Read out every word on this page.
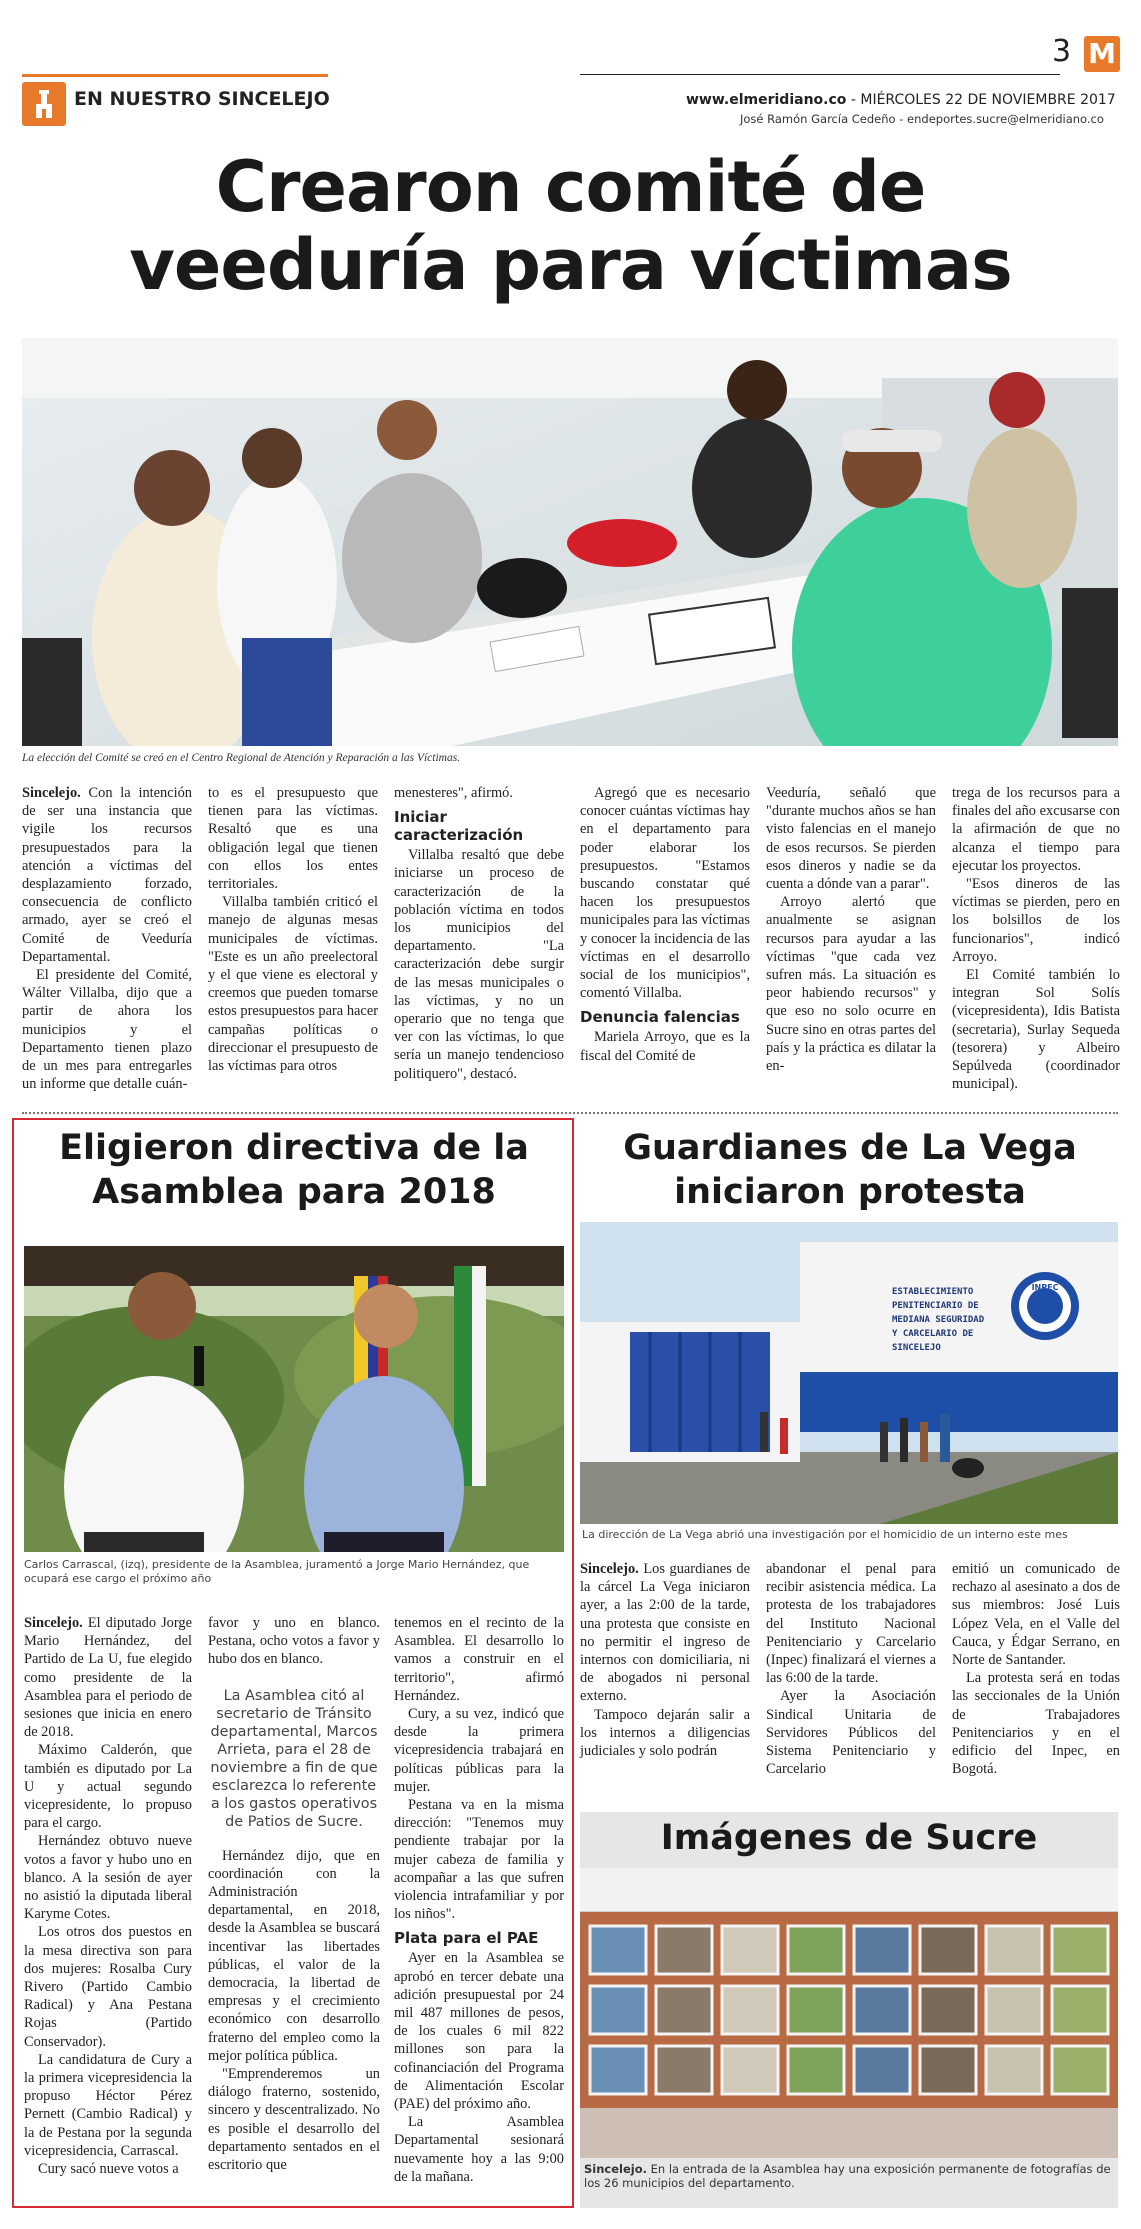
EN NUESTRO SINCELEJO
3 M
www.elmeridiano.co - MIÉRCOLES 22 DE NOVIEMBRE 2017
José Ramón García Cedeño - endeportes.sucre@elmeridiano.co
Crearon comité de
veeduría para víctimas
La elección del Comité se creó en el Centro Regional de Atención y Reparación a las Víctimas.

Sincelejo. Con la intención de ser una instancia que vigile los recursos presupuestados para la atención a víctimas del desplazamiento forzado, consecuencia de conflicto armado, ayer se creó el Comité de Veeduría Departamental.

El presidente del Comité, Wálter Villalba, dijo que a partir de ahora los municipios y el Departamento tienen plazo de un mes para entregarles un informe que detalle cuán-

to es el presupuesto que tienen para las víctimas. Resaltó que es una obligación legal que tienen con ellos los entes territoriales.

Villalba también criticó el manejo de algunas mesas municipales de víctimas. "Este es un año preelectoral y el que viene es electoral y creemos que pueden tomarse estos presupuestos para hacer campañas políticas o direccionar el presupuesto de las víctimas para otros

menesteres", afirmó.

Iniciar caracterización

Villalba resaltó que debe iniciarse un proceso de caracterización de la población víctima en todos los municipios del departamento. "La caracterización debe surgir de las mesas municipales o las víctimas, y no un operario que no tenga que ver con las víctimas, lo que sería un manejo tendencioso politiquero", destacó.

Agregó que es necesario conocer cuántas víctimas hay en el departamento para poder elaborar los presupuestos. "Estamos buscando constatar qué hacen los presupuestos municipales para las víctimas y conocer la incidencia de las víctimas en el desarrollo social de los municipios", comentó Villalba.

Denuncia falencias

Mariela Arroyo, que es la fiscal del Comité de

Veeduría, señaló que "durante muchos años se han visto falencias en el manejo de esos recursos. Se pierden esos dineros y nadie se da cuenta a dónde van a parar".

Arroyo alertó que anualmente se asignan recursos para ayudar a las víctimas "que cada vez sufren más. La situación es peor habiendo recursos" y que eso no solo ocurre en Sucre sino en otras partes del país y la práctica es dilatar la en-

trega de los recursos para a finales del año excusarse con la afirmación de que no alcanza el tiempo para ejecutar los proyectos.

"Esos dineros de las víctimas se pierden, pero en los bolsillos de los funcionarios", indicó Arroyo.

El Comité también lo integran Sol Solís (vicepresidenta), Idis Batista (secretaria), Surlay Sequeda (tesorera) y Albeiro Sepúlveda (coordinador municipal).

Eligieron directiva de la
Asamblea para 2018
Carlos Carrascal, (izq), presidente de la Asamblea, juramentó a Jorge Mario Hernández, que ocupará ese cargo el próximo año

Sincelejo. El diputado Jorge Mario Hernández, del Partido de La U, fue elegido como presidente de la Asamblea para el periodo de sesiones que inicia en enero de 2018.

Máximo Calderón, que también es diputado por La U y actual segundo vicepresidente, lo propuso para el cargo.

Hernández obtuvo nueve votos a favor y hubo uno en blanco. A la sesión de ayer no asistió la diputada liberal Karyme Cotes.

Los otros dos puestos en la mesa directiva son para dos mujeres: Rosalba Cury Rivero (Partido Cambio Radical) y Ana Pestana Rojas (Partido Conservador).

La candidatura de Cury a la primera vicepresidencia la propuso Héctor Pérez Pernett (Cambio Radical) y la de Pestana por la segunda vicepresidencia, Carrascal.

Cury sacó nueve votos a

favor y uno en blanco. Pestana, ocho votos a favor y hubo dos en blanco.

La Asamblea citó al secretario de Tránsito departamental, Marcos Arrieta, para el 28 de noviembre a fin de que esclarezca lo referente a los gastos operativos de Patios de Sucre.

Hernández dijo, que en coordinación con la Administración departamental, en 2018, desde la Asamblea se buscará incentivar las libertades públicas, el valor de la democracia, la libertad de empresas y el crecimiento económico con desarrollo fraterno del empleo como la mejor política pública.

"Emprenderemos un diálogo fraterno, sostenido, sincero y descentralizado. No es posible el desarrollo del departamento sentados en el escritorio que

tenemos en el recinto de la Asamblea. El desarrollo lo vamos a construir en el territorio", afirmó Hernández.

Cury, a su vez, indicó que desde la primera vicepresidencia trabajará en políticas públicas para la mujer.

Pestana va en la misma dirección: "Tenemos muy pendiente trabajar por la mujer cabeza de familia y acompañar a las que sufren violencia intrafamiliar y por los niños".

Plata para el PAE

Ayer en la Asamblea se aprobó en tercer debate una adición presupuestal por 24 mil 487 millones de pesos, de los cuales 6 mil 822 millones son para la cofinanciación del Programa de Alimentación Escolar (PAE) del próximo año.

La Asamblea Departamental sesionará nuevamente hoy a las 9:00 de la mañana.

Guardianes de La Vega
iniciaron protesta
INPEC
ESTABLECIMIENTO
PENITENCIARIO DE
MEDIANA SEGURIDAD
Y CARCELARIO DE
SINCELEJO
La dirección de La Vega abrió una investigación por el homicidio de un interno este mes

Sincelejo. Los guardianes de la cárcel La Vega iniciaron ayer, a las 2:00 de la tarde, una protesta que consiste en no permitir el ingreso de internos con domiciliaria, ni de abogados ni personal externo.

Tampoco dejarán salir a los internos a diligencias judiciales y solo podrán

abandonar el penal para recibir asistencia médica. La protesta de los trabajadores del Instituto Nacional Penitenciario y Carcelario (Inpec) finalizará el viernes a las 6:00 de la tarde.

Ayer la Asociación Sindical Unitaria de Servidores Públicos del Sistema Penitenciario y Carcelario

emitió un comunicado de rechazo al asesinato a dos de sus miembros: José Luis López Vela, en el Valle del Cauca, y Édgar Serrano, en Norte de Santander.

La protesta será en todas las seccionales de la Unión de Trabajadores Penitenciarios y en el edificio del Inpec, en Bogotá.

Imágenes de Sucre
Sincelejo. En la entrada de la Asamblea hay una exposición permanente de fotografías de los 26 municipios del departamento.
